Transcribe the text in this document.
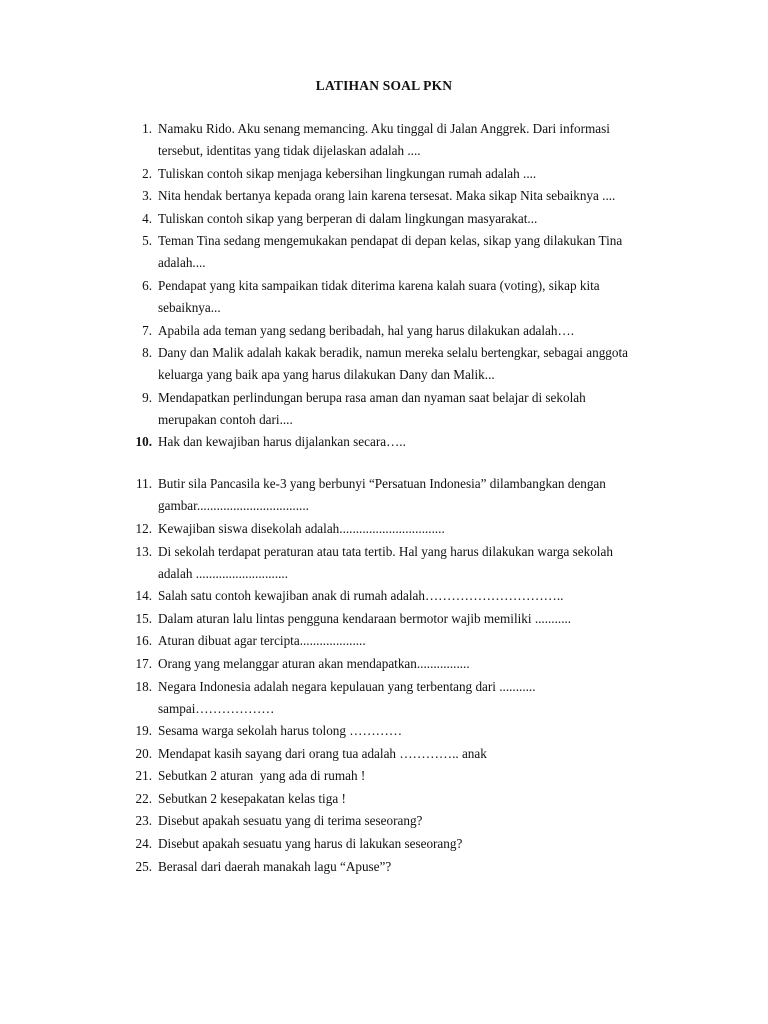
LATIHAN SOAL PKN
1. Namaku Rido. Aku senang memancing. Aku tinggal di Jalan Anggrek. Dari informasi
tersebut, identitas yang tidak dijelaskan adalah ....
2. Tuliskan contoh sikap menjaga kebersihan lingkungan rumah adalah ....
3. Nita hendak bertanya kepada orang lain karena tersesat. Maka sikap Nita sebaiknya ....
4. Tuliskan contoh sikap yang berperan di dalam lingkungan masyarakat...
5. Teman Tina sedang mengemukakan pendapat di depan kelas, sikap yang dilakukan Tina
adalah....
6. Pendapat yang kita sampaikan tidak diterima karena kalah suara (voting), sikap kita
sebaiknya...
7. Apabila ada teman yang sedang beribadah, hal yang harus dilakukan adalah….
8. Dany dan Malik adalah kakak beradik, namun mereka selalu bertengkar, sebagai anggota
keluarga yang baik apa yang harus dilakukan Dany dan Malik...
9. Mendapatkan perlindungan berupa rasa aman dan nyaman saat belajar di sekolah
merupakan contoh dari....
10. Hak dan kewajiban harus dijalankan secara…..
11. Butir sila Pancasila ke-3 yang berbunyi “Persatuan Indonesia” dilambangkan dengan
gambar..................................
12. Kewajiban siswa disekolah adalah................................
13. Di sekolah terdapat peraturan atau tata tertib. Hal yang harus dilakukan warga sekolah
adalah ............................
14. Salah satu contoh kewajiban anak di rumah adalah…………………………..
15. Dalam aturan lalu lintas pengguna kendaraan bermotor wajib memiliki ...........
16. Aturan dibuat agar tercipta....................
17. Orang yang melanggar aturan akan mendapatkan................
18. Negara Indonesia adalah negara kepulauan yang terbentang dari ...........
sampai………………
19. Sesama warga sekolah harus tolong …………
20. Mendapat kasih sayang dari orang tua adalah ………….. anak
21. Sebutkan 2 aturan  yang ada di rumah !
22. Sebutkan 2 kesepakatan kelas tiga !
23. Disebut apakah sesuatu yang di terima seseorang?
24. Disebut apakah sesuatu yang harus di lakukan seseorang?
25. Berasal dari daerah manakah lagu “Apuse”?
